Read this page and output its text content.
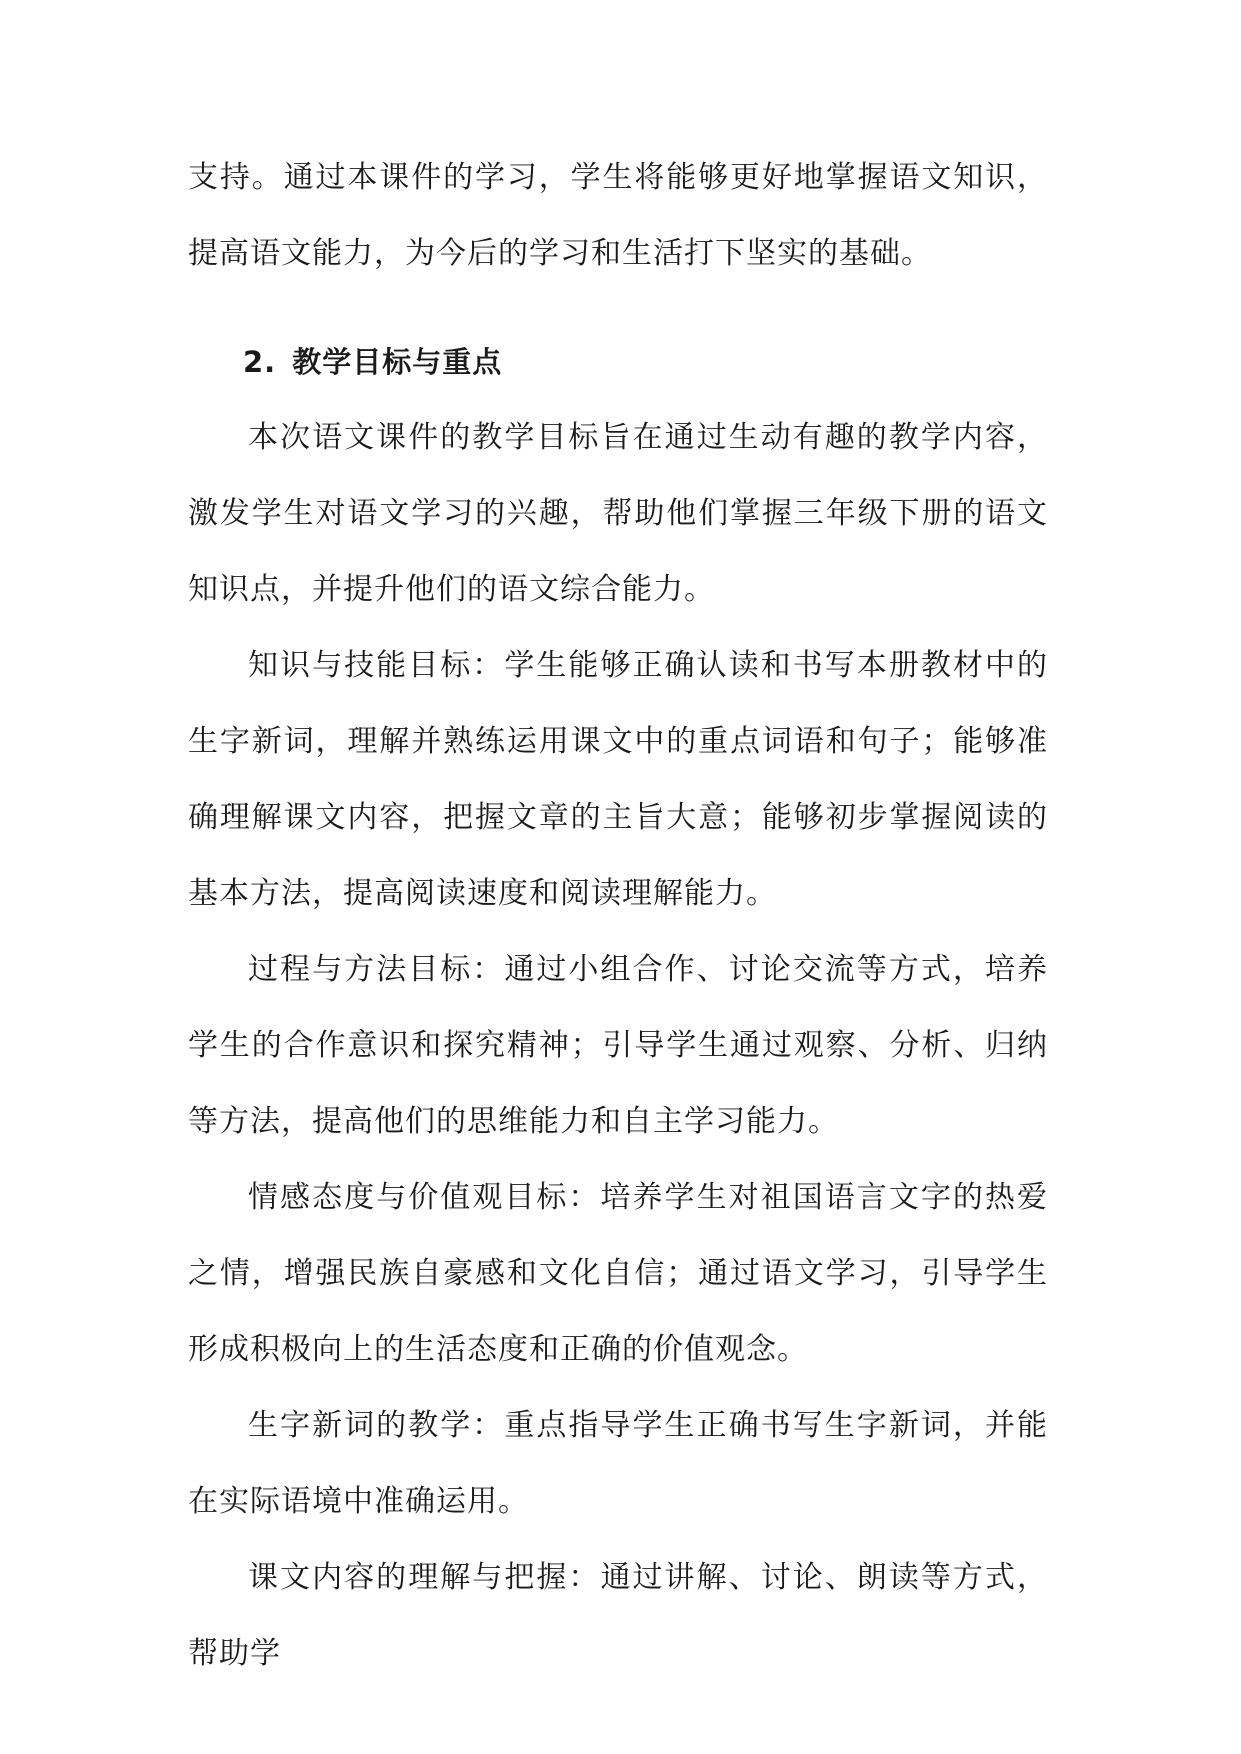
支持。通过本课件的学习，学生将能够更好地掌握语文知识，提高语文能力，为今后的学习和生活打下坚实的基础。

2. 教学目标与重点

本次语文课件的教学目标旨在通过生动有趣的教学内容，激发学生对语文学习的兴趣，帮助他们掌握三年级下册的语文知识点，并提升他们的语文综合能力。

知识与技能目标：学生能够正确认读和书写本册教材中的生字新词，理解并熟练运用课文中的重点词语和句子；能够准确理解课文内容，把握文章的主旨大意；能够初步掌握阅读的基本方法，提高阅读速度和阅读理解能力。

过程与方法目标：通过小组合作、讨论交流等方式，培养学生的合作意识和探究精神；引导学生通过观察、分析、归纳等方法，提高他们的思维能力和自主学习能力。

情感态度与价值观目标：培养学生对祖国语言文字的热爱之情，增强民族自豪感和文化自信；通过语文学习，引导学生形成积极向上的生活态度和正确的价值观念。

生字新词的教学：重点指导学生正确书写生字新词，并能在实际语境中准确运用。

课文内容的理解与把握：通过讲解、讨论、朗读等方式，帮助学
